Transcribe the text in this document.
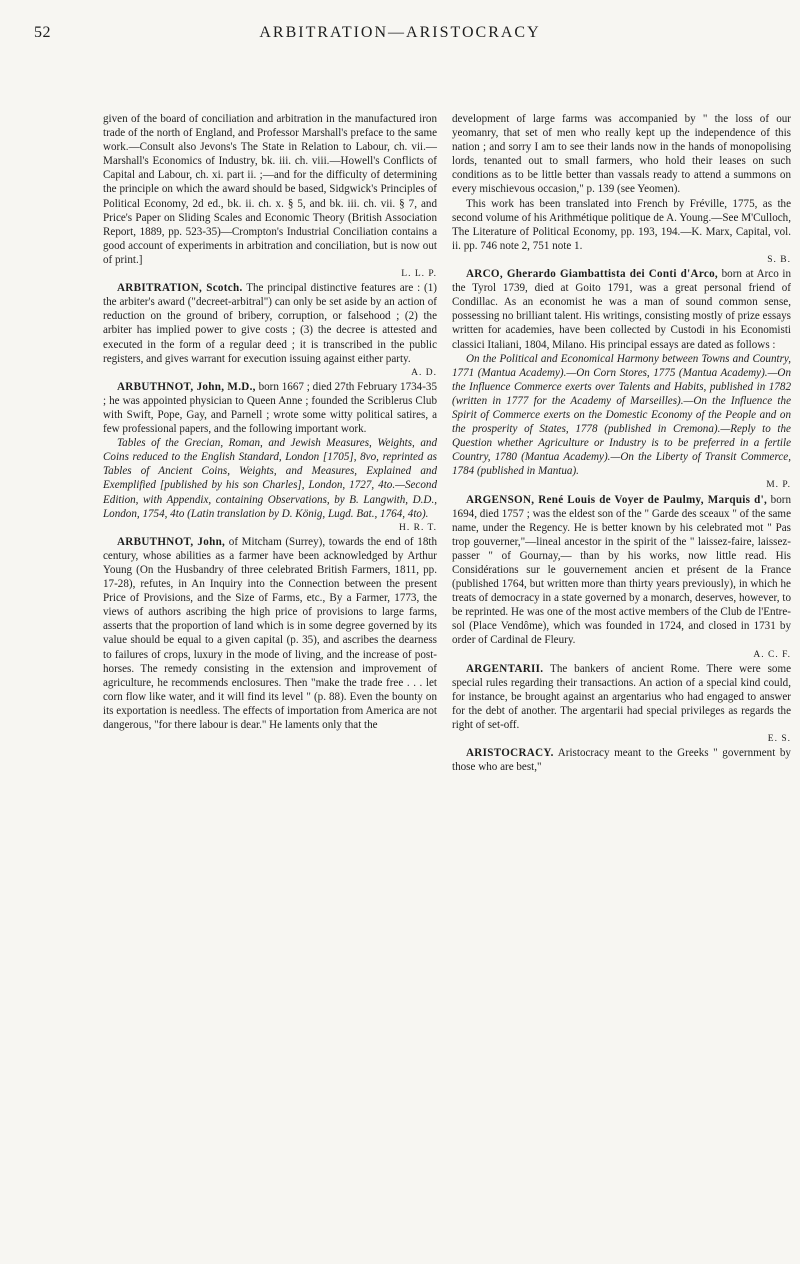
52	ARBITRATION—ARISTOCRACY

given of the board of conciliation and arbitration in the manufactured iron trade of the north of England, and Professor Marshall's preface to the same work.—Consult also Jevons's The State in Relation to Labour, ch. vii.—Marshall's Economics of Industry, bk. iii. ch. viii.—Howell's Conflicts of Capital and Labour, ch. xi. part ii. ;—and for the difficulty of determining the principle on which the award should be based, Sidgwick's Principles of Political Economy, 2d ed., bk. ii. ch. x. § 5, and bk. iii. ch. vii. § 7, and Price's Paper on Sliding Scales and Economic Theory (British Association Report, 1889, pp. 523-35)—Crompton's Industrial Conciliation contains a good account of experiments in arbitration and conciliation, but is now out of print.]

L. L. P.

ARBITRATION, Scotch. The principal distinctive features are : (1) the arbiter's award ("decreet-arbitral") can only be set aside by an action of reduction on the ground of bribery, corruption, or falsehood ; (2) the arbiter has implied power to give costs ; (3) the decree is attested and executed in the form of a regular deed ; it is transcribed in the public registers, and gives warrant for execution issuing against either party.

A. D.

ARBUTHNOT, John, M.D., born 1667 ; died 27th February 1734-35 ; he was appointed physician to Queen Anne ; founded the Scriblerus Club with Swift, Pope, Gay, and Parnell ; wrote some witty political satires, a few professional papers, and the following important work.

Tables of the Grecian, Roman, and Jewish Measures, Weights, and Coins reduced to the English Standard, London [1705], 8vo, reprinted as Tables of Ancient Coins, Weights, and Measures, Explained and Exemplified [published by his son Charles], London, 1727, 4to.—Second Edition, with Appendix, containing Observations, by B. Langwith, D.D., London, 1754, 4to (Latin translation by D. König, Lugd. Bat., 1764, 4to).

H. R. T.

ARBUTHNOT, John, of Mitcham (Surrey), towards the end of 18th century, whose abilities as a farmer have been acknowledged by Arthur Young (On the Husbandry of three celebrated British Farmers, 1811, pp. 17-28), refutes, in An Inquiry into the Connection between the present Price of Provisions, and the Size of Farms, etc., By a Farmer, 1773, the views of authors ascribing the high price of provisions to large farms, asserts that the proportion of land which is in some degree governed by its value should be equal to a given capital (p. 35), and ascribes the dearness to failures of crops, luxury in the mode of living, and the increase of post-horses. The remedy consisting in the extension and improvement of agriculture, he recommends enclosures. Then "make the trade free . . . let corn flow like water, and it will find its level " (p. 88). Even the bounty on its exportation is needless. The effects of importation from America are not dangerous, "for there labour is dear." He laments only that the

development of large farms was accompanied by " the loss of our yeomanry, that set of men who really kept up the independence of this nation ; and sorry I am to see their lands now in the hands of monopolising lords, tenanted out to small farmers, who hold their leases on such conditions as to be little better than vassals ready to attend a summons on every mischievous occasion," p. 139 (see Yeomen).

This work has been translated into French by Fréville, 1775, as the second volume of his Arithmétique politique de A. Young.—See M'Culloch, The Literature of Political Economy, pp. 193, 194.—K. Marx, Capital, vol. ii. pp. 746 note 2, 751 note 1.

S. B.

ARCO, Gherardo Giambattista dei Conti d'Arco, born at Arco in the Tyrol 1739, died at Goito 1791, was a great personal friend of Condillac. As an economist he was a man of sound common sense, possessing no brilliant talent. His writings, consisting mostly of prize essays written for academies, have been collected by Custodi in his Economisti classici Italiani, 1804, Milano. His principal essays are dated as follows :

On the Political and Economical Harmony between Towns and Country, 1771 (Mantua Academy).—On Corn Stores, 1775 (Mantua Academy).—On the Influence Commerce exerts over Talents and Habits, published in 1782 (written in 1777 for the Academy of Marseilles).—On the Influence the Spirit of Commerce exerts on the Domestic Economy of the People and on the prosperity of States, 1778 (published in Cremona).—Reply to the Question whether Agriculture or Industry is to be preferred in a fertile Country, 1780 (Mantua Academy).—On the Liberty of Transit Commerce, 1784 (published in Mantua).

M. P.

ARGENSON, René Louis de Voyer de Paulmy, Marquis d', born 1694, died 1757 ; was the eldest son of the " Garde des sceaux " of the same name, under the Regency. He is better known by his celebrated mot " Pas trop gouverner,"—lineal ancestor in the spirit of the " laissez-faire, laissez-passer " of Gournay,— than by his works, now little read. His Considérations sur le gouvernement ancien et présent de la France (published 1764, but written more than thirty years previously), in which he treats of democracy in a state governed by a monarch, deserves, however, to be reprinted. He was one of the most active members of the Club de l'Entre-sol (Place Vendôme), which was founded in 1724, and closed in 1731 by order of Cardinal de Fleury.

A. C. F.

ARGENTARII. The bankers of ancient Rome. There were some special rules regarding their transactions. An action of a special kind could, for instance, be brought against an argentarius who had engaged to answer for the debt of another. The argentarii had special privileges as regards the right of set-off.

E. S.

ARISTOCRACY. Aristocracy meant to the Greeks " government by those who are best,"
